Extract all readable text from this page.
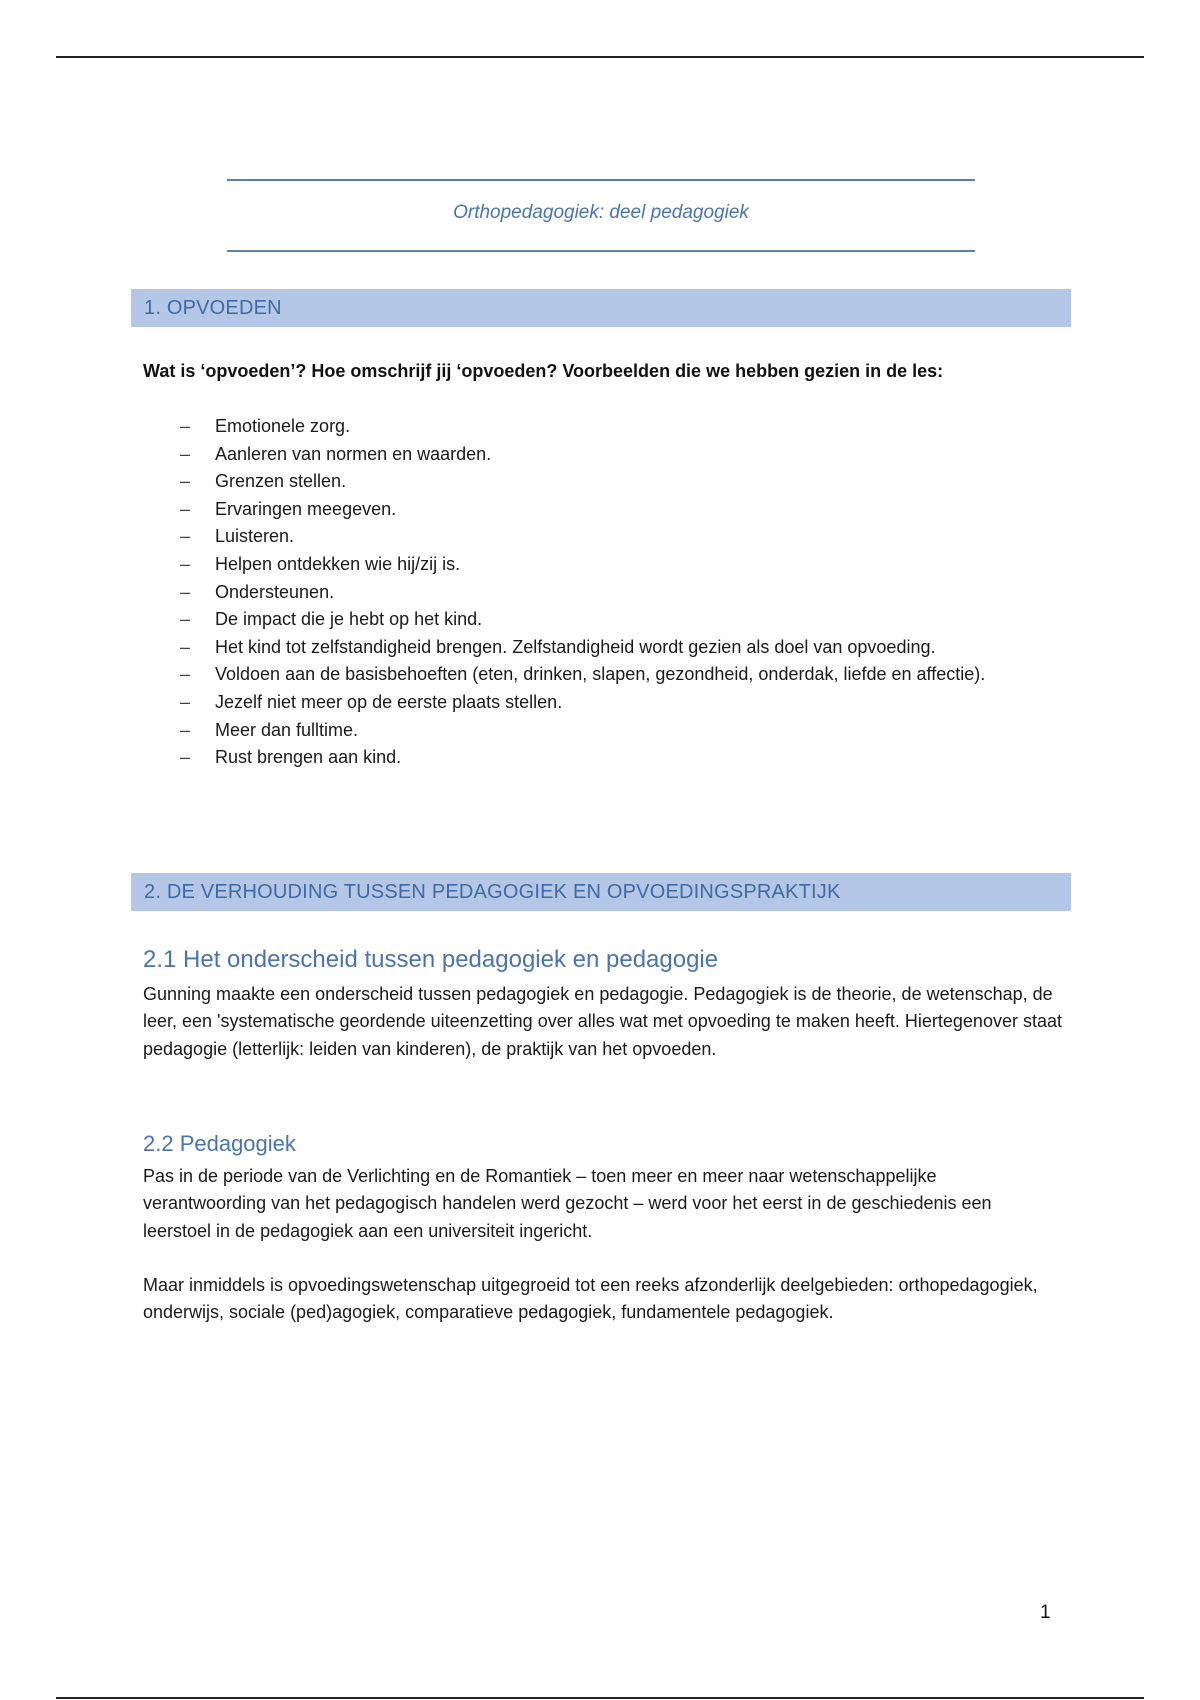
Orthopedagogiek: deel pedagogiek
1. OPVOEDEN
Wat is ‘opvoeden’? Hoe omschrijf jij ‘opvoeden? Voorbeelden die we hebben gezien in de les:
– Emotionele zorg.
– Aanleren van normen en waarden.
– Grenzen stellen.
– Ervaringen meegeven.
– Luisteren.
– Helpen ontdekken wie hij/zij is.
– Ondersteunen.
– De impact die je hebt op het kind.
– Het kind tot zelfstandigheid brengen. Zelfstandigheid wordt gezien als doel van opvoeding.
– Voldoen aan de basisbehoeften (eten, drinken, slapen, gezondheid, onderdak, liefde en affectie).
– Jezelf niet meer op de eerste plaats stellen.
– Meer dan fulltime.
– Rust brengen aan kind.
2. DE VERHOUDING TUSSEN PEDAGOGIEK EN OPVOEDINGSPRAKTIJK
2.1 Het onderscheid tussen pedagogiek en pedagogie
Gunning maakte een onderscheid tussen pedagogiek en pedagogie. Pedagogiek is de theorie, de wetenschap, de leer, een 'systematische geordende uiteenzetting over alles wat met opvoeding te maken heeft. Hiertegenover staat pedagogie (letterlijk: leiden van kinderen), de praktijk van het opvoeden.
2.2 Pedagogiek
Pas in de periode van de Verlichting en de Romantiek – toen meer en meer naar wetenschappelijke verantwoording van het pedagogisch handelen werd gezocht – werd voor het eerst in de geschiedenis een leerstoel in de pedagogiek aan een universiteit ingericht.
Maar inmiddels is opvoedingswetenschap uitgegroeid tot een reeks afzonderlijk deelgebieden: orthopedagogiek, onderwijs, sociale (ped)agogiek, comparatieve pedagogiek, fundamentele pedagogiek.
1
